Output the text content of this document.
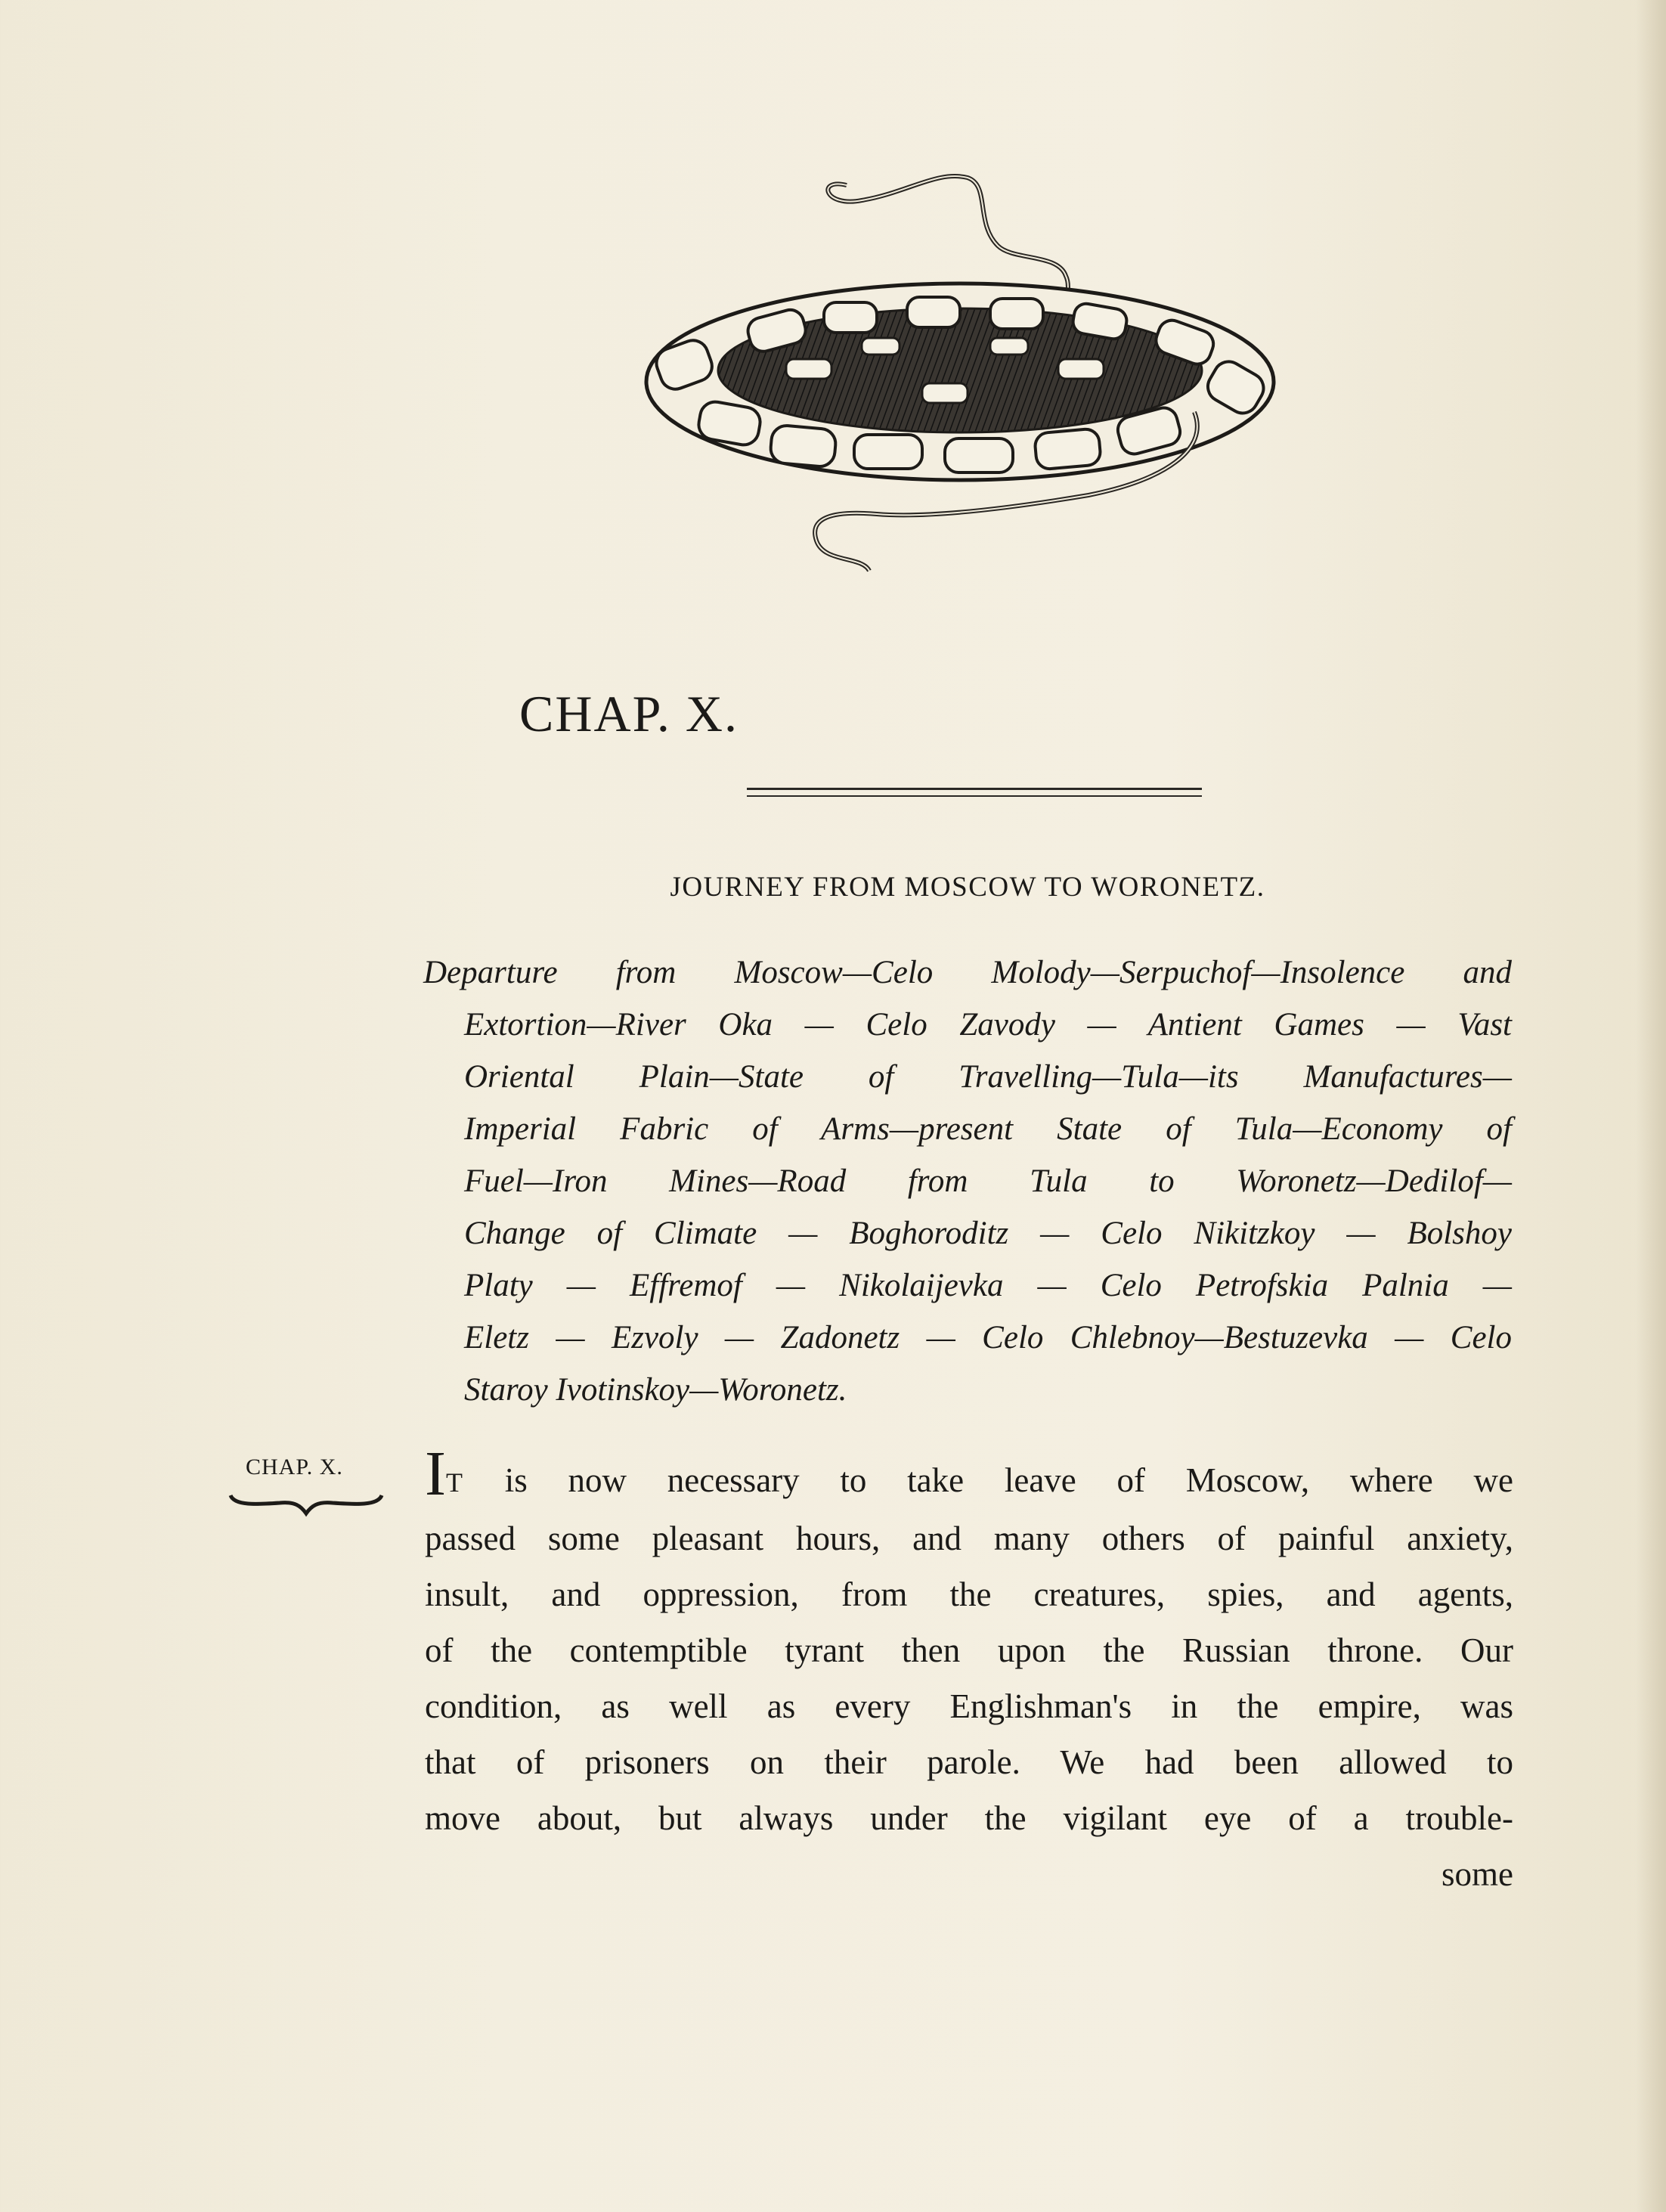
CHAP. X.
JOURNEY FROM MOSCOW TO WORONETZ.
Departure from Moscow—Celo Molody—Serpuchof—Insolence and
Extortion—River Oka — Celo Zavody — Antient Games — Vast
Oriental Plain—State of Travelling—Tula—its Manufactures—
Imperial Fabric of Arms—present State of Tula—Economy of
Fuel—Iron Mines—Road from Tula to Woronetz—Dedilof—
Change of Climate — Boghoroditz — Celo Nikitzkoy — Bolshoy
Platy — Effremof — Nikolaijevka — Celo Petrofskia Palnia —
Eletz — Ezvoly — Zadonetz — Celo Chlebnoy—Bestuzevka — Celo
Staroy Ivotinskoy—Woronetz.
CHAP. X.	IT is now necessary to take leave of Moscow, where we
passed some pleasant hours, and many others of painful anxiety,
insult, and oppression, from the creatures, spies, and agents,
of the contemptible tyrant then upon the Russian throne. Our
condition, as well as every Englishman's in the empire, was
that of prisoners on their parole. We had been allowed to
move about, but always under the vigilant eye of a trouble-
some
